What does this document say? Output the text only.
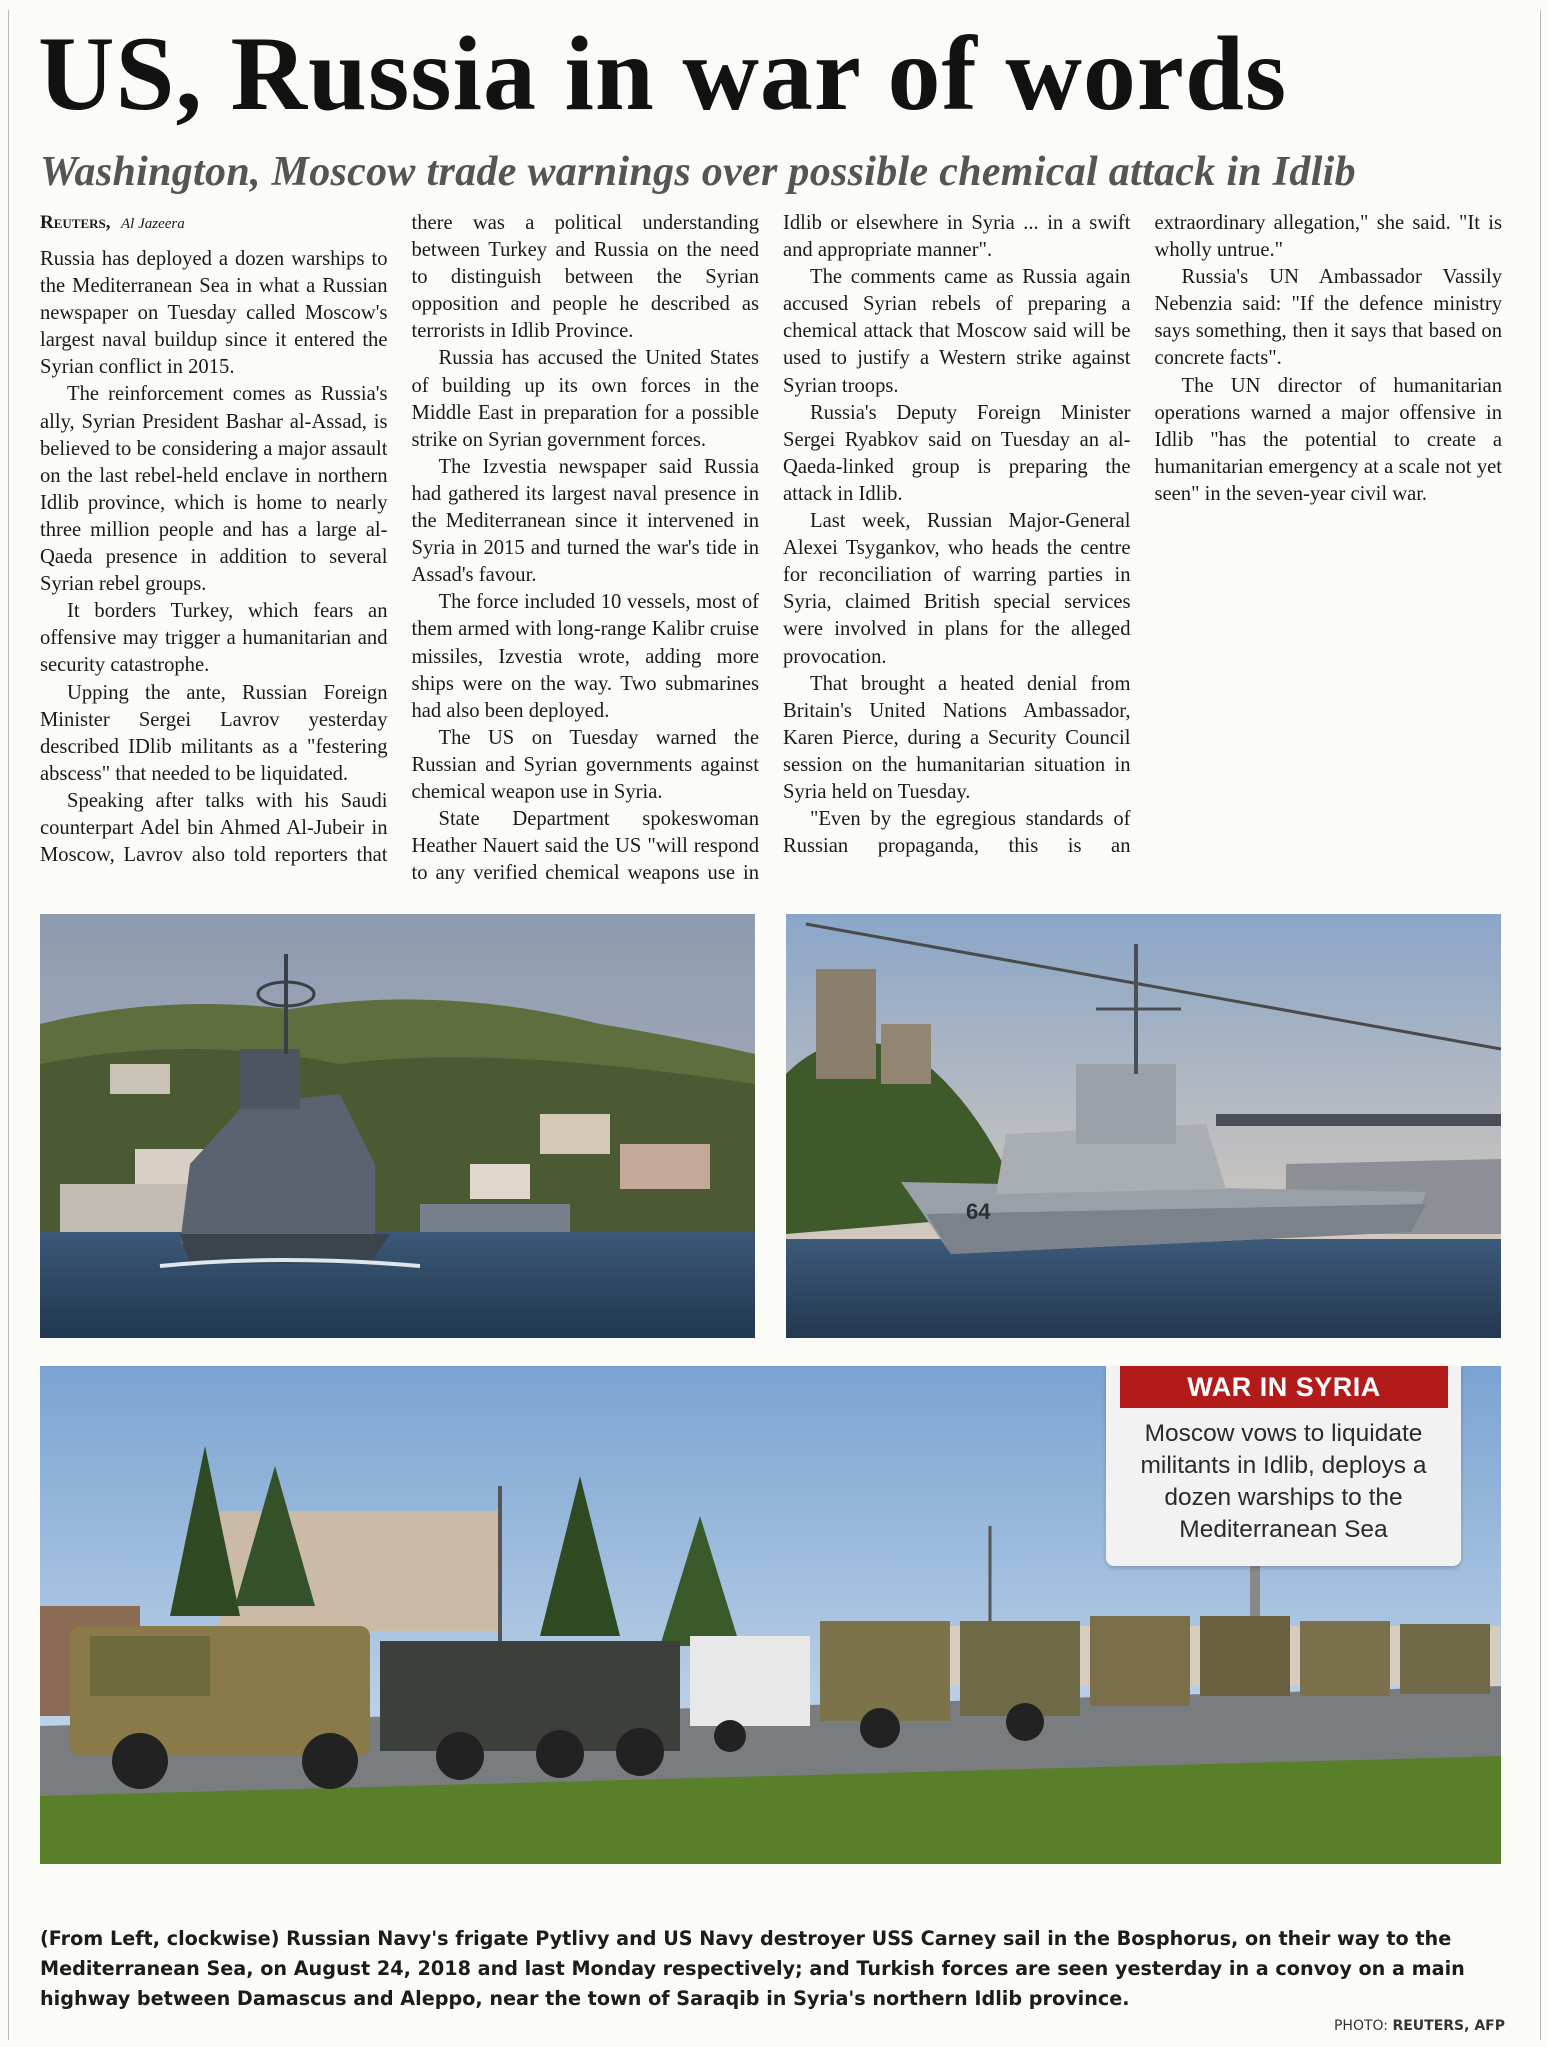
US, Russia in war of words
Washington, Moscow trade warnings over possible chemical attack in Idlib
Reuters, Al Jazeera

Russia has deployed a dozen warships to the Mediterranean Sea in what a Russian newspaper on Tuesday called Moscow's largest naval buildup since it entered the Syrian conflict in 2015.

The reinforcement comes as Russia's ally, Syrian President Bashar al-Assad, is believed to be considering a major assault on the last rebel-held enclave in northern Idlib province, which is home to nearly three million people and has a large al-Qaeda presence in addition to several Syrian rebel groups.

It borders Turkey, which fears an offensive may trigger a humanitarian and security catastrophe.

Upping the ante, Russian Foreign Minister Sergei Lavrov yesterday described IDlib militants as a "festering abscess" that needed to be liquidated.

Speaking after talks with his Saudi counterpart Adel bin Ahmed Al-Jubeir in Moscow, Lavrov also told reporters that there was a political understanding between Turkey and Russia on the need to distinguish between the Syrian opposition and people he described as terrorists in Idlib Province.

Russia has accused the United States of building up its own forces in the Middle East in preparation for a possible strike on Syrian government forces.

The Izvestia newspaper said Russia had gathered its largest naval presence in the Mediterranean since it intervened in Syria in 2015 and turned the war's tide in Assad's favour.

The force included 10 vessels, most of them armed with long-range Kalibr cruise missiles, Izvestia wrote, adding more ships were on the way. Two submarines had also been deployed.

The US on Tuesday warned the Russian and Syrian governments against chemical weapon use in Syria.

State Department spokeswoman Heather Nauert said the US "will respond to any verified chemical weapons use in Idlib or elsewhere in Syria ... in a swift and appropriate manner".

The comments came as Russia again accused Syrian rebels of preparing a chemical attack that Moscow said will be used to justify a Western strike against Syrian troops.

Russia's Deputy Foreign Minister Sergei Ryabkov said on Tuesday an al-Qaeda-linked group is preparing the attack in Idlib.

Last week, Russian Major-General Alexei Tsygankov, who heads the centre for reconciliation of warring parties in Syria, claimed British special services were involved in plans for the alleged provocation.

That brought a heated denial from Britain's United Nations Ambassador, Karen Pierce, during a Security Council session on the humanitarian situation in Syria held on Tuesday.

"Even by the egregious standards of Russian propaganda, this is an extraordinary allegation," she said. "It is wholly untrue."

Russia's UN Ambassador Vassily Nebenzia said: "If the defence ministry says something, then it says that based on concrete facts".

The UN director of humanitarian operations warned a major offensive in Idlib "has the potential to create a humanitarian emergency at a scale not yet seen" in the seven-year civil war.

64
WAR IN SYRIA
Moscow vows to liquidate militants in Idlib, deploys a dozen warships to the Mediterranean Sea

(From Left, clockwise) Russian Navy's frigate Pytlivy and US Navy destroyer USS Carney sail in the Bosphorus, on their way to the Mediterranean Sea, on August 24, 2018 and last Monday respectively; and Turkish forces are seen yesterday in a convoy on a main highway between Damascus and Aleppo, near the town of Saraqib in Syria's northern Idlib province.

PHOTO: REUTERS, AFP
